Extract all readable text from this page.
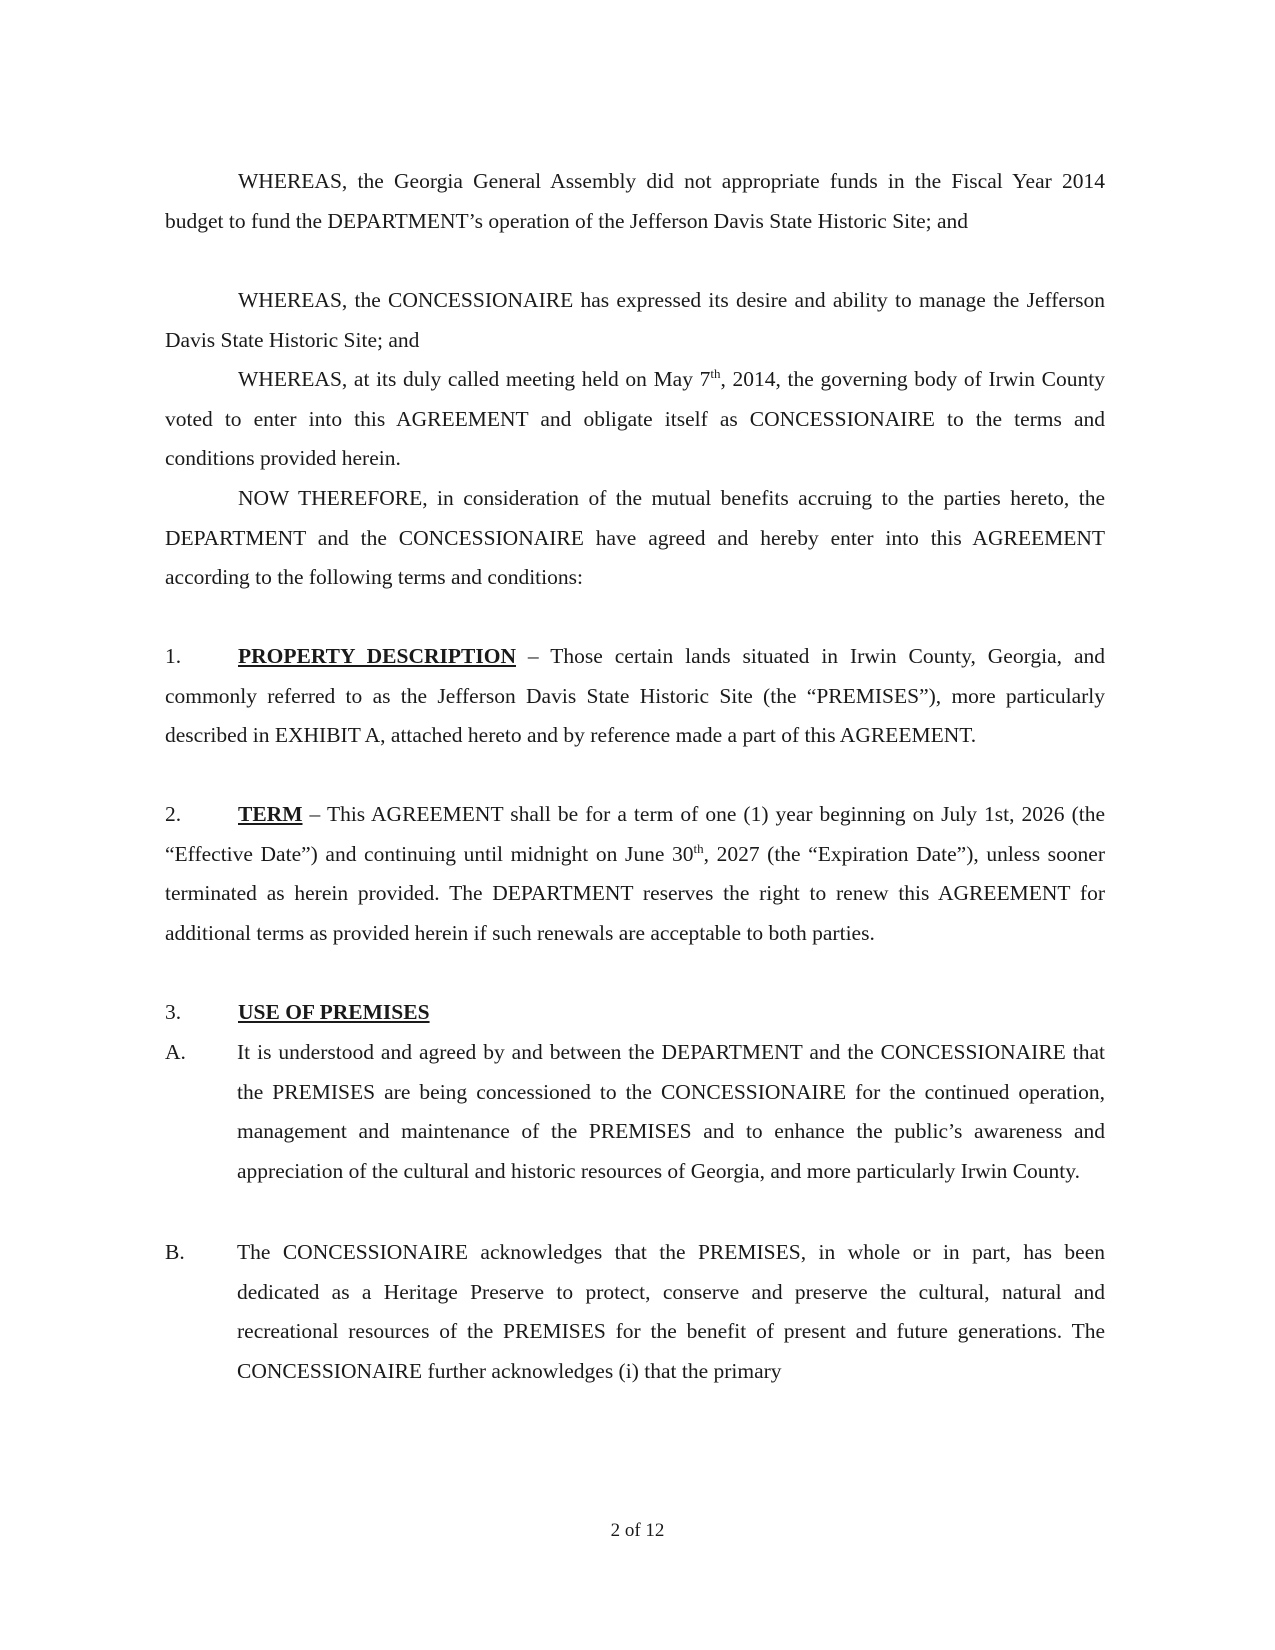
WHEREAS, the Georgia General Assembly did not appropriate funds in the Fiscal Year 2014 budget to fund the DEPARTMENT’s operation of the Jefferson Davis State Historic Site; and

WHEREAS, the CONCESSIONAIRE has expressed its desire and ability to manage the Jefferson Davis State Historic Site; and

WHEREAS, at its duly called meeting held on May 7th, 2014, the governing body of Irwin County voted to enter into this AGREEMENT and obligate itself as CONCESSIONAIRE to the terms and conditions provided herein.

NOW THEREFORE, in consideration of the mutual benefits accruing to the parties hereto, the DEPARTMENT and the CONCESSIONAIRE have agreed and hereby enter into this AGREEMENT according to the following terms and conditions:

1.	PROPERTY DESCRIPTION – Those certain lands situated in Irwin County, Georgia, and commonly referred to as the Jefferson Davis State Historic Site (the “PREMISES”), more particularly described in EXHIBIT A, attached hereto and by reference made a part of this AGREEMENT.

2.	TERM – This AGREEMENT shall be for a term of one (1) year beginning on July 1st, 2026 (the “Effective Date”) and continuing until midnight on June 30th, 2027 (the “Expiration Date”), unless sooner terminated as herein provided. The DEPARTMENT reserves the right to renew this AGREEMENT for additional terms as provided herein if such renewals are acceptable to both parties.

3.	USE OF PREMISES

A. It is understood and agreed by and between the DEPARTMENT and the CONCESSIONAIRE that the PREMISES are being concessioned to the CONCESSIONAIRE for the continued operation, management and maintenance of the PREMISES and to enhance the public’s awareness and appreciation of the cultural and historic resources of Georgia, and more particularly Irwin County.
B. The CONCESSIONAIRE acknowledges that the PREMISES, in whole or in part, has been dedicated as a Heritage Preserve to protect, conserve and preserve the cultural, natural and recreational resources of the PREMISES for the benefit of present and future generations. The CONCESSIONAIRE further acknowledges (i) that the primary
2 of 12
